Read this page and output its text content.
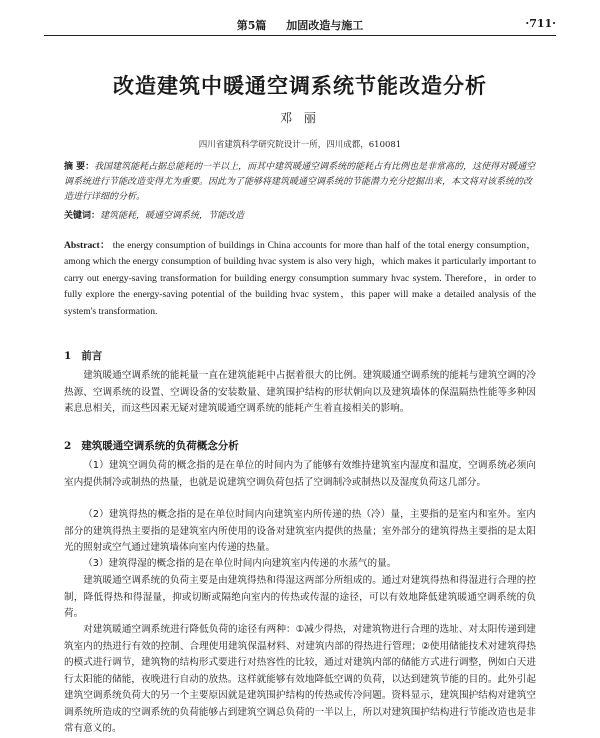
第5篇 加固改造与施工	·711·
改造建筑中暖通空调系统节能改造分析
邓 丽
四川省建筑科学研究院设计一所，四川成都，610081
摘 要：我国建筑能耗占据总能耗的一半以上，而其中建筑暖通空调系统的能耗占有比例也是非常高的，这使得对暖通空调系统进行节能改造变得尤为重要。因此为了能够将建筑暖通空调系统的节能潜力充分挖掘出来，本文将对该系统的改造进行详细的分析。
关键词：建筑能耗，暖通空调系统，节能改造
Abstract： the energy consumption of buildings in China accounts for more than half of the total energy consumption，among which the energy consumption of building hvac system is also very high，which makes it particularly important to carry out energy-saving transformation for building energy consumption summary hvac system. Therefore，in order to fully explore the energy-saving potential of the building hvac system，this paper will make a detailed analysis of the system's transformation.
1 前言

建筑暖通空调系统的能耗量一直在建筑能耗中占据着很大的比例。建筑暖通空调系统的能耗与建筑空调的冷热源、空调系统的设置、空调设备的安装数量、建筑围护结构的形状朝向以及建筑墙体的保温隔热性能等多种因素息息相关，而这些因素无疑对建筑暖通空调系统的能耗产生着直接相关的影响。

2 建筑暖通空调系统的负荷概念分析

（1）建筑空调负荷的概念指的是在单位的时间内为了能够有效维持建筑室内湿度和温度，空调系统必须向室内提供制冷或制热的热量，也就是说建筑空调负荷包括了空调制冷或制热以及湿度负荷这几部分。

（2）建筑得热的概念指的是在单位时间内向建筑室内所传递的热（冷）量，主要指的是室内和室外。室内部分的建筑得热主要指的是建筑室内所使用的设备对建筑室内提供的热量；室外部分的建筑得热主要指的是太阳光的照射或空气通过建筑墙体向室内传递的热量。

（3）建筑得湿的概念指的是在单位时间内向建筑室内传递的水蒸气的量。

建筑暖通空调系统的负荷主要是由建筑得热和得湿这两部分所组成的。通过对建筑得热和得湿进行合理的控制，降低得热和得湿量，抑或切断或隔绝向室内的传热或传湿的途径，可以有效地降低建筑暖通空调系统的负荷。

对建筑暖通空调系统进行降低负荷的途径有两种：①减少得热，对建筑物进行合理的选址、对太阳传递到建筑室内的热进行有效的控制、合理使用建筑保温材料、对建筑内部的得热进行管理；②使用储能技术对建筑得热的模式进行调节，建筑物的结构形式要进行对热容性的比较，通过对建筑内部的储能方式进行调整，例如白天进行太阳能的储能，夜晚进行自动的放热。这样就能够有效地降低空调的负荷，以达到建筑节能的目的。此外引起建筑空调系统负荷大的另一个主要原因就是建筑围护结构的传热或传冷问题。资料显示，建筑围护结构对建筑空调系统所造成的空调系统的负荷能够占到建筑空调总负荷的一半以上，所以对建筑围护结构进行节能改造也是非常有意义的。
